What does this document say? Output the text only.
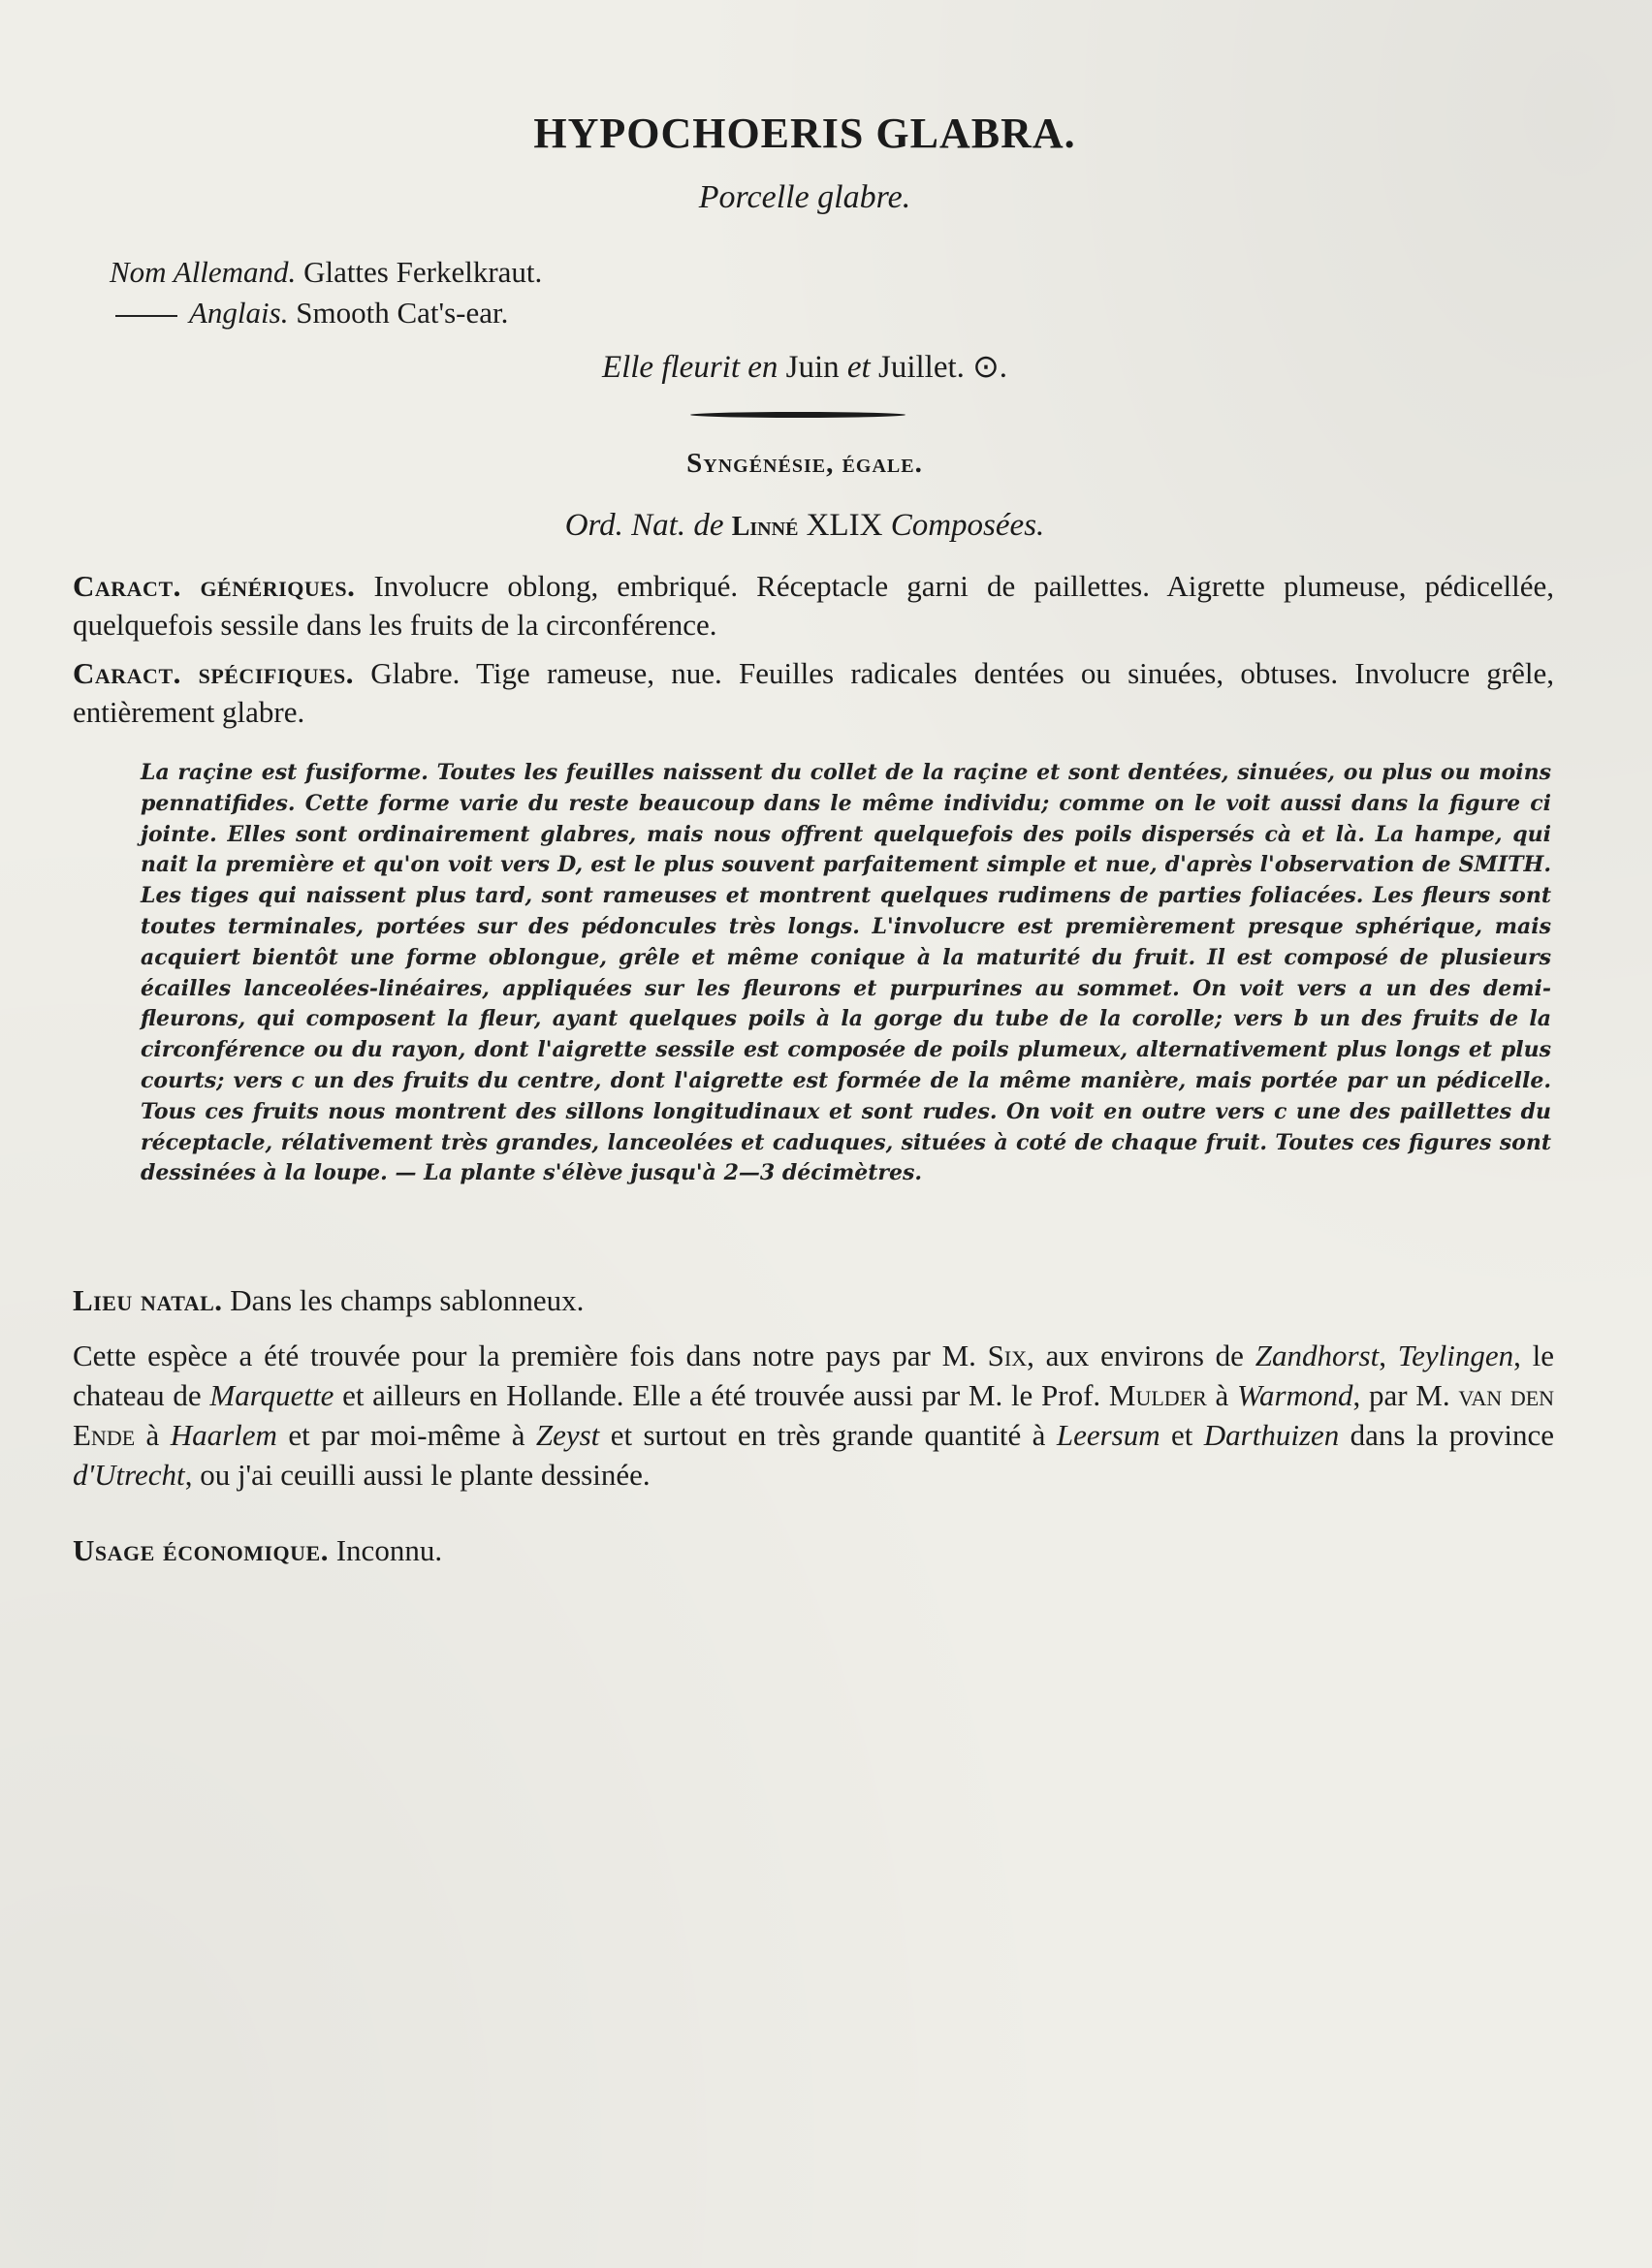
HYPOCHOERIS GLABRA.
Porcelle glabre.
Nom Allemand. Glattes Ferkelkraut.
Anglais. Smooth Cat's-ear.
Elle fleurit en Juin et Juillet. ⊙.
Syngénésie, égale.
Ord. Nat. de Linné XLIX Composées.
Caract. génériques. Involucre oblong, embriqué. Réceptacle garni de paillettes. Aigrette plumeuse, pédicellée, quelquefois sessile dans les fruits de la circonférence.
Caract. spécifiques. Glabre. Tige rameuse, nue. Feuilles radicales dentées ou sinuées, obtuses. Involucre grêle, entièrement glabre.
La raçine est fusiforme. Toutes les feuilles naissent du collet de la raçine et sont dentées, sinuées, ou plus ou moins pennatifides. Cette forme varie du reste beaucoup dans le même individu; comme on le voit aussi dans la figure ci jointe. Elles sont ordinairement glabres, mais nous offrent quelquefois des poils dispersés cà et là. La hampe, qui nait la première et qu'on voit vers D, est le plus souvent parfaitement simple et nue, d'après l'observation de SMITH. Les tiges qui naissent plus tard, sont rameuses et montrent quelques rudimens de parties foliacées. Les fleurs sont toutes terminales, portées sur des pédoncules très longs. L'involucre est premièrement presque sphérique, mais acquiert bientôt une forme oblongue, grêle et même conique à la maturité du fruit. Il est composé de plusieurs écailles lanceolées-linéaires, appliquées sur les fleurons et purpurines au sommet. On voit vers a un des demi-fleurons, qui composent la fleur, ayant quelques poils à la gorge du tube de la corolle; vers b un des fruits de la circonférence ou du rayon, dont l'aigrette sessile est composée de poils plumeux, alternativement plus longs et plus courts; vers c un des fruits du centre, dont l'aigrette est formée de la même manière, mais portée par un pédicelle. Tous ces fruits nous montrent des sillons longitudinaux et sont rudes. On voit en outre vers c une des paillettes du réceptacle, rélativement très grandes, lanceolées et caduques, situées à coté de chaque fruit. Toutes ces figures sont dessinées à la loupe. — La plante s'élève jusqu'à 2—3 décimètres.
Lieu natal. Dans les champs sablonneux.
Cette espèce a été trouvée pour la première fois dans notre pays par M. Six, aux environs de Zandhorst, Teylingen, le chateau de Marquette et ailleurs en Hollande. Elle a été trouvée aussi par M. le Prof. Mulder à Warmond, par M. van den Ende à Haarlem et par moi-même à Zeyst et surtout en très grande quantité à Leersum et Darthuizen dans la province d'Utrecht, ou j'ai ceuilli aussi le plante dessinée.
Usage économique. Inconnu.
